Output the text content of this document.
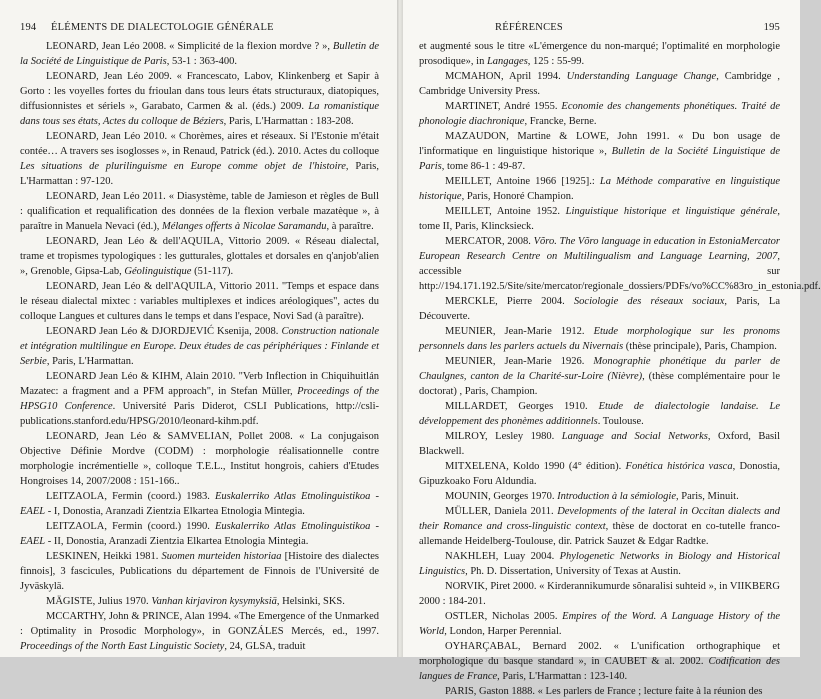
194 ÉLÉMENTS DE DIALECTOLOGIE GÉNÉRALE

LEONARD, Jean Léo 2008. « Simplicité de la flexion mordve ? », Bulletin de la Société de Linguistique de Paris, 53-1 : 363-400.

LEONARD, Jean Léo 2009. « Francescato, Labov, Klinkenberg et Sapir à Gorto : les voyelles fortes du frioulan dans tous leurs états structuraux, diatopiques, diffusionnistes et sériels », Garabato, Carmen & al. (éds.) 2009. La romanistique dans tous ses états, Actes du colloque de Béziers, Paris, L'Harmattan : 183-208.

LEONARD, Jean Léo 2010. « Chorèmes, aires et réseaux. Si l'Estonie m'était contée… A travers ses isoglosses », in Renaud, Patrick (éd.). 2010. Actes du colloque Les situations de plurilinguisme en Europe comme objet de l'histoire, Paris, L'Harmattan : 97-120.

LEONARD, Jean Léo 2011. « Diasystème, table de Jamieson et règles de Bull : qualification et requalification des données de la flexion verbale mazatèque », à paraître in Manuela Nevaci (éd.), Mélanges offerts à Nicolae Saramandu, à paraître.

LEONARD, Jean Léo & dell'AQUILA, Vittorio 2009. « Réseau dialectal, trame et tropismes typologiques : les gutturales, glottales et dorsales en q'anjob'alien », Grenoble, Gipsa-Lab, Géolinguistique (51-117).

LEONARD, Jean Léo & dell'AQUILA, Vittorio 2011. "Temps et espace dans le réseau dialectal mixtec : variables multiplexes et indices aréologiques", actes du colloque Langues et cultures dans le temps et dans l'espace, Novi Sad (à paraître).

LEONARD Jean Léo & DJORDJEVIĆ Ksenija, 2008. Construction nationale et intégration multilingue en Europe. Deux études de cas périphériques : Finlande et Serbie, Paris, L'Harmattan.

LEONARD Jean Léo & KIHM, Alain 2010. "Verb Inflection in Chiquihuitlán Mazatec: a fragment and a PFM approach", in Stefan Müller, Proceedings of the HPSG10 Conference. Université Paris Diderot, CSLI Publications, http://csli-publications.stanford.edu/HPSG/2010/leonard-kihm.pdf.

LEONARD, Jean Léo & SAMVELIAN, Pollet 2008. « La conjugaison Objective Définie Mordve (CODM) : morphologie réalisationnelle contre morphologie incrémentielle », colloque T.E.L., Institut hongrois, cahiers d'Etudes Hongroises 14, 2007/2008 : 151-166..

LEITZAOLA, Fermin (coord.) 1983. Euskalerriko Atlas Etnolinguistikoa - EAEL - I, Donostia, Aranzadi Zientzia Elkartea Etnologia Mintegia.

LEITZAOLA, Fermin (coord.) 1990. Euskalerriko Atlas Etnolinguistikoa - EAEL - II, Donostia, Aranzadi Zientzia Elkartea Etnologia Mintegia.

LESKINEN, Heikki 1981. Suomen murteiden historiaa [Histoire des dialectes finnois], 3 fascicules, Publications du département de Finnois de l'Université de Jyväskylä.

MÄGISTE, Julius 1970. Vanhan kirjaviron kysymyksiä, Helsinki, SKS.

MCCARTHY, John & PRINCE, Alan 1994. «The Emergence of the Unmarked : Optimality in Prosodic Morphology», in GONZÁLES Mercés, ed., 1997. Proceedings of the North East Linguistic Society, 24, GLSA, traduit

RÉFÉRENCES	195

et augmenté sous le titre «L'émergence du non-marqué; l'optimalité en morphologie prosodique», in Langages, 125 : 55-99.

MCMAHON, April 1994. Understanding Language Change, Cambridge , Cambridge University Press.

MARTINET, André 1955. Economie des changements phonétiques. Traité de phonologie diachronique, Francke, Berne.

MAZAUDON, Martine & LOWE, John 1991. « Du bon usage de l'informatique en linguistique historique », Bulletin de la Société Linguistique de Paris, tome 86-1 : 49-87.

MEILLET, Antoine 1966 [1925].: La Méthode comparative en linguistique historique, Paris, Honoré Champion.

MEILLET, Antoine 1952. Linguistique historique et linguistique générale, tome II, Paris, Klincksieck.

MERCATOR, 2008. Võro. The Võro language in education in EstoniaMercator European Research Centre on Multilingualism and Language Learning, 2007, accessible sur http://194.171.192.5/Site/site/mercator/regionale_dossiers/PDFs/vo%CC%83ro_in_estonia.pdf.

MERCKLE, Pierre 2004. Sociologie des réseaux sociaux, Paris, La Découverte.

MEUNIER, Jean-Marie 1912. Etude morphologique sur les pronoms personnels dans les parlers actuels du Nivernais (thèse principale), Paris, Champion.

MEUNIER, Jean-Marie 1926. Monographie phonétique du parler de Chaulgnes, canton de la Charité-sur-Loire (Nièvre), (thèse complémentaire pour le doctorat) , Paris, Champion.

MILLARDET, Georges 1910. Etude de dialectologie landaise. Le développement des phonèmes additionnels. Toulouse.

MILROY, Lesley 1980. Language and Social Networks, Oxford, Basil Blackwell.

MITXELENA, Koldo 1990 (4° édition). Fonética histórica vasca, Donostia, Gipuzkoako Foru Aldundia.

MOUNIN, Georges 1970. Introduction à la sémiologie, Paris, Minuit.

MÜLLER, Daniela 2011. Developments of the lateral in Occitan dialects and their Romance and cross-linguistic context, thèse de doctorat en co-tutelle franco-allemande Heidelberg-Toulouse, dir. Patrick Sauzet & Edgar Radtke.

NAKHLEH, Luay 2004. Phylogenetic Networks in Biology and Historical Linguistics, Ph. D. Dissertation, University of Texas at Austin.

NORVIK, Piret 2000. « Kirderannikumurde sõnaralisi suhteid », in VIIKBERG 2000 : 184-201.

OSTLER, Nicholas 2005. Empires of the Word. A Language History of the World, London, Harper Perennial.

OYHARÇABAL, Bernard 2002. « L'unification orthographique et morphologique du basque standard », in CAUBET & al. 2002. Codification des langues de France, Paris, L'Harmattan : 123-140.

PARIS, Gaston 1888. « Les parlers de France ; lecture faite à la réunion des
